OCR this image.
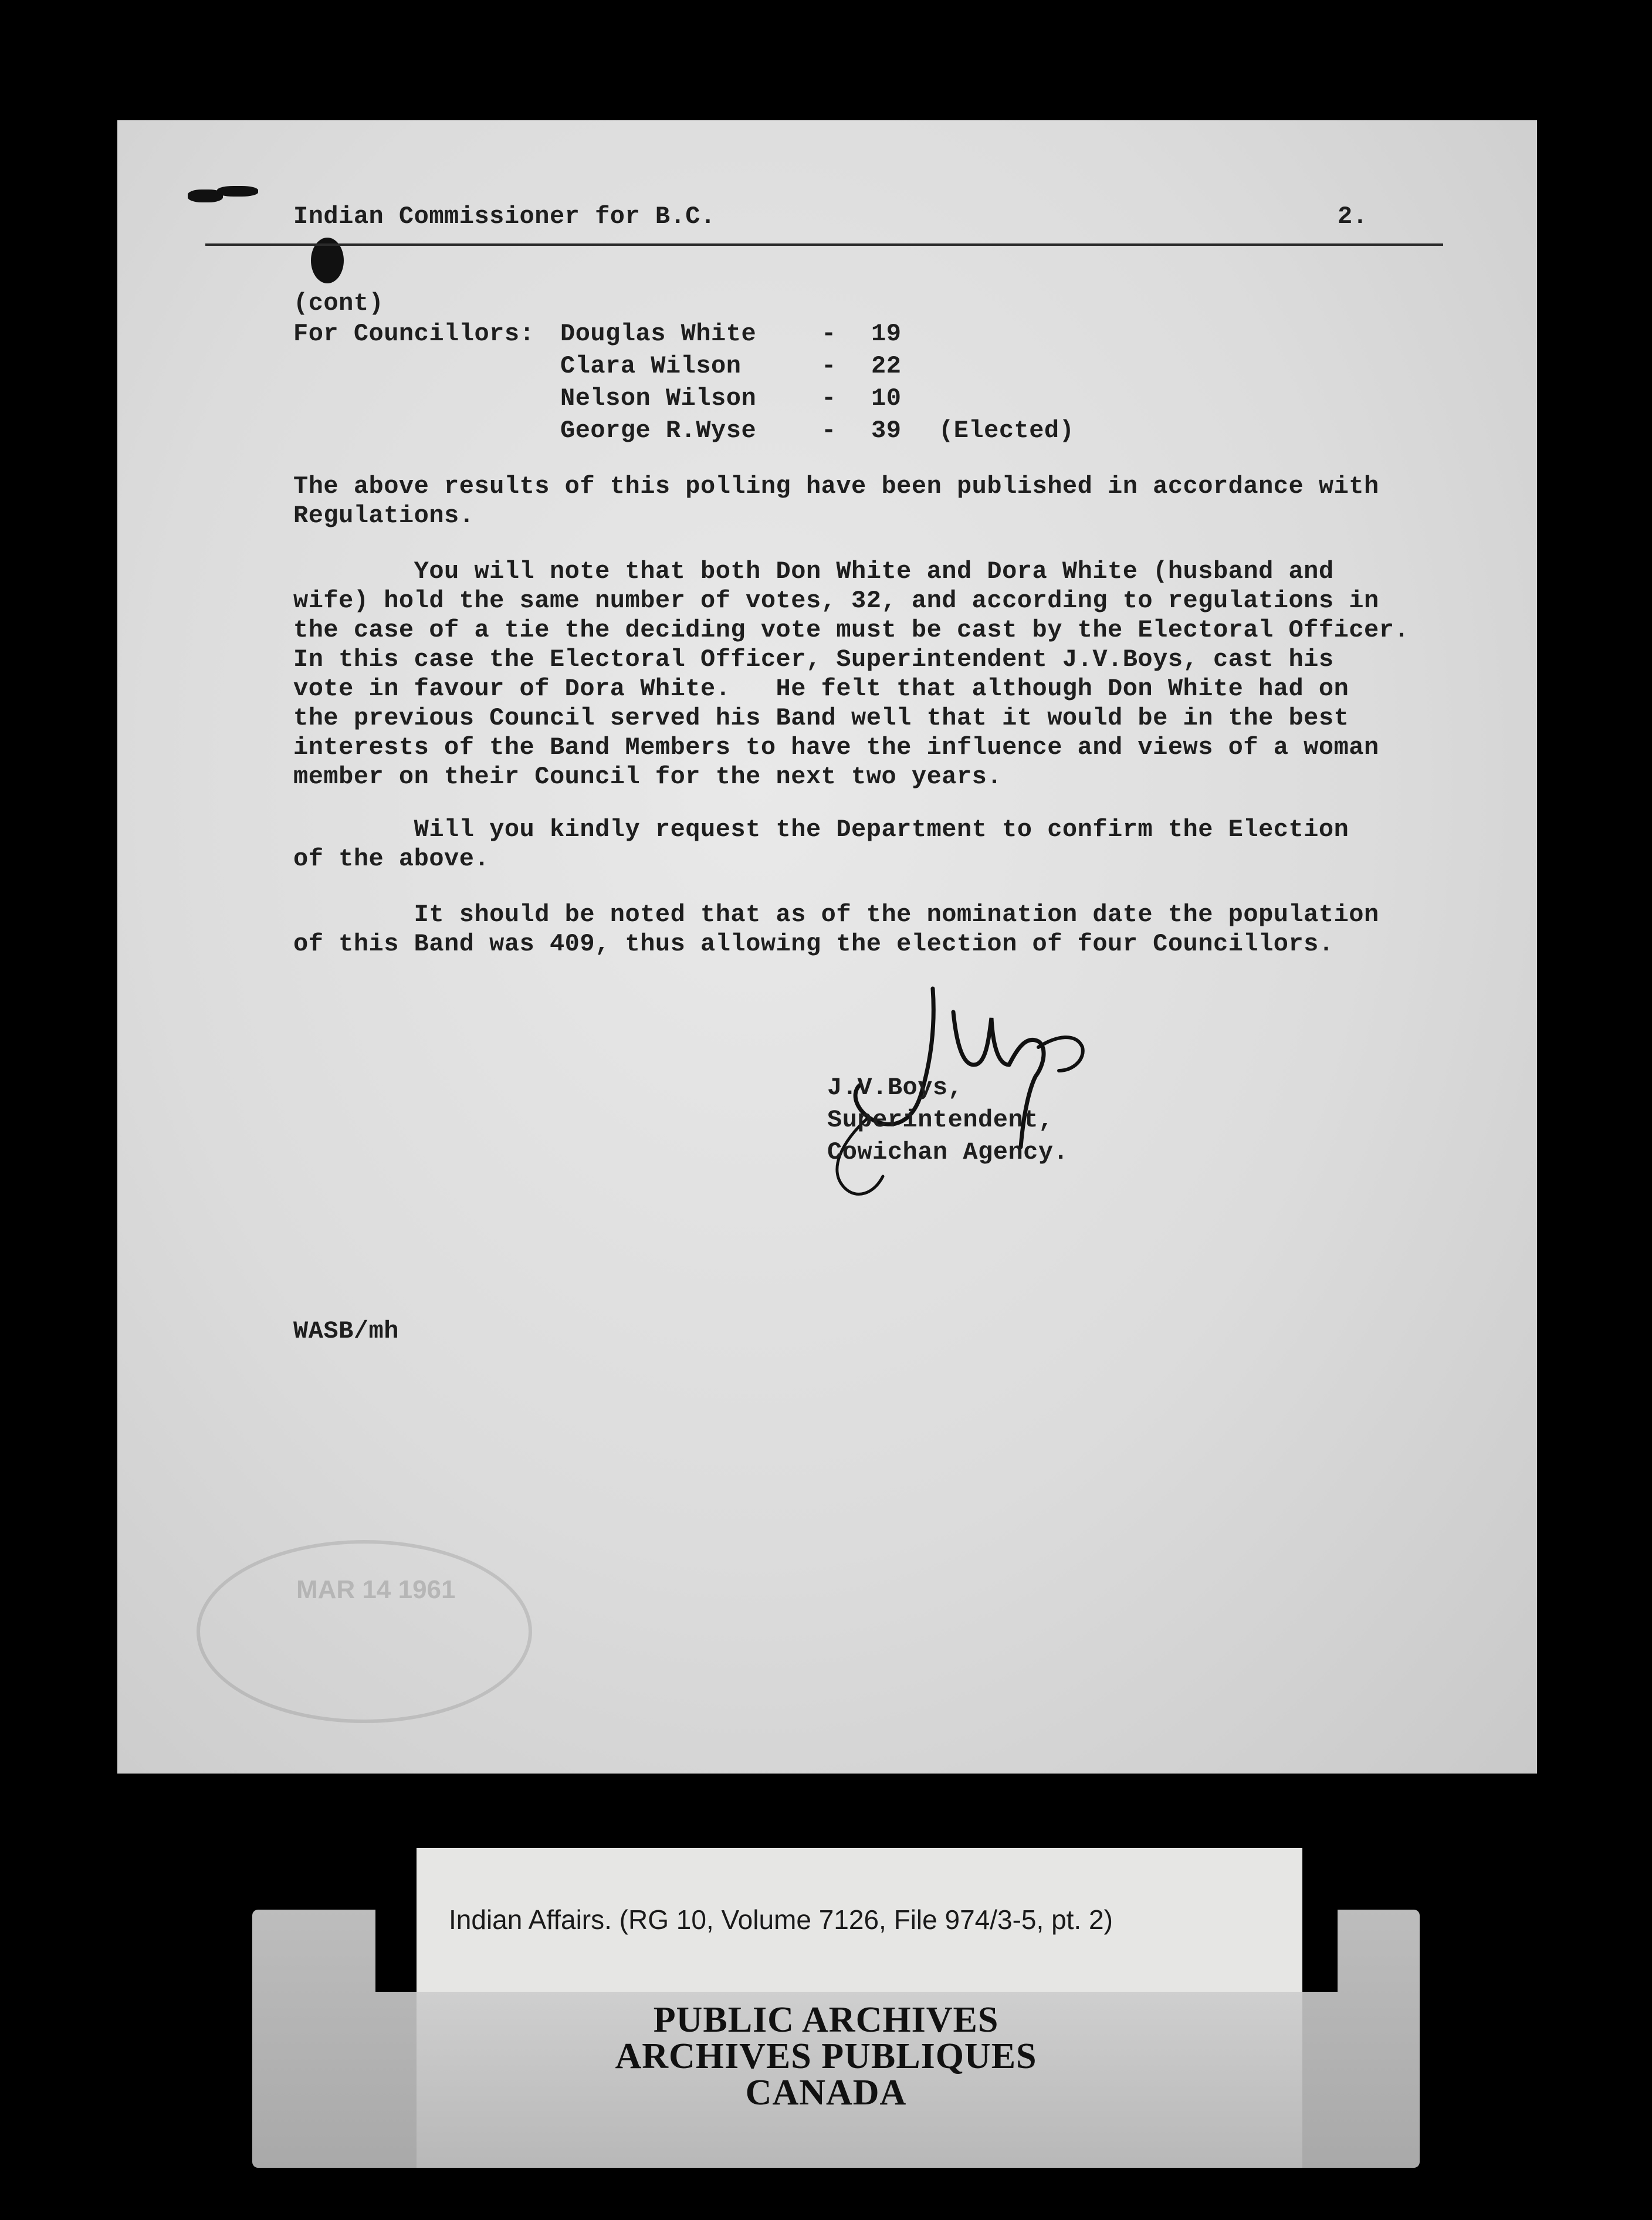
Indian Commissioner for B.C.	2.
(cont)
For Councillors: Douglas White	- 19
Clara Wilson	- 22
Nelson Wilson	- 10
George R.Wyse	- 39 (Elected)
The above results of this polling have been published in accordance with
Regulations.
You will note that both Don White and Dora White (husband and
wife) hold the same number of votes, 32, and according to regulations in
the case of a tie the deciding vote must be cast by the Electoral Officer.
In this case the Electoral Officer, Superintendent J.V.Boys, cast his
vote in favour of Dora White.   He felt that although Don White had on
the previous Council served his Band well that it would be in the best
interests of the Band Members to have the influence and views of a woman
member on their Council for the next two years.
Will you kindly request the Department to confirm the Election
of the above.
It should be noted that as of the nomination date the population
of this Band was 409, thus allowing the election of four Councillors.
J.V.Boys,
Superintendent,
Cowichan Agency.
WASB/mh
MAR 14 1961
Indian Affairs. (RG 10, Volume 7126, File 974/3-5, pt. 2)
PUBLIC ARCHIVES
ARCHIVES PUBLIQUES
CANADA
